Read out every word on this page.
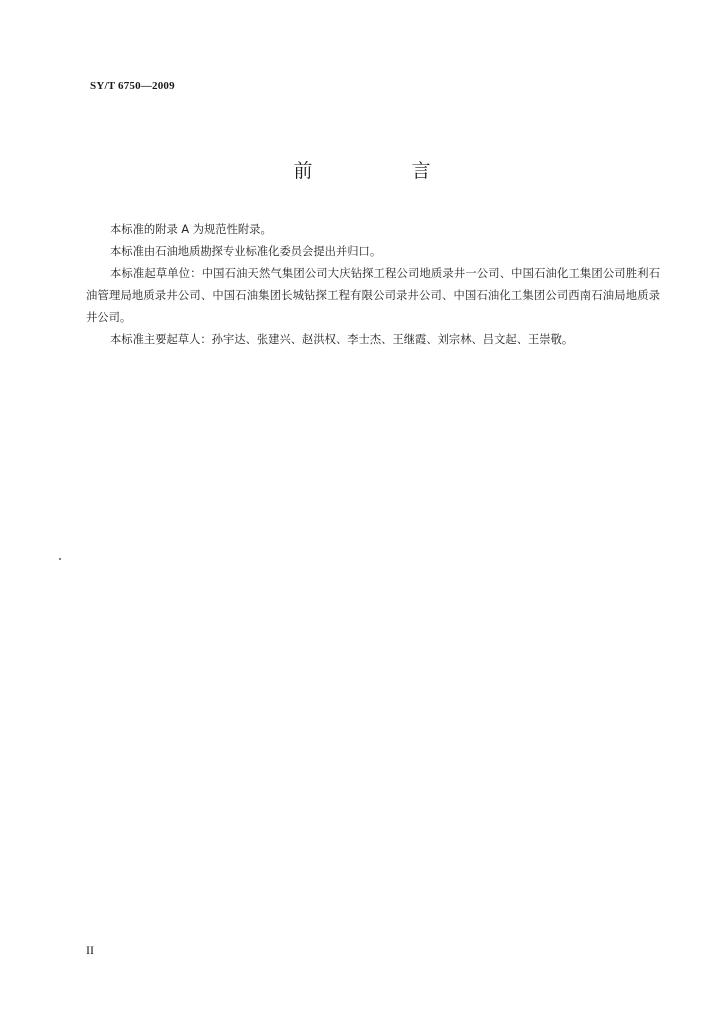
SY/T 6750—2009
前　言

本标准的附录 A 为规范性附录。

本标准由石油地质勘探专业标准化委员会提出并归口。

本标准起草单位：中国石油天然气集团公司大庆钻探工程公司地质录井一公司、中国石油化工集团公司胜利石油管理局地质录井公司、中国石油集团长城钻探工程有限公司录井公司、中国石油化工集团公司西南石油局地质录井公司。

本标准主要起草人：孙宇达、张建兴、赵洪权、李士杰、王继霞、刘宗林、吕文起、王崇敬。

II
